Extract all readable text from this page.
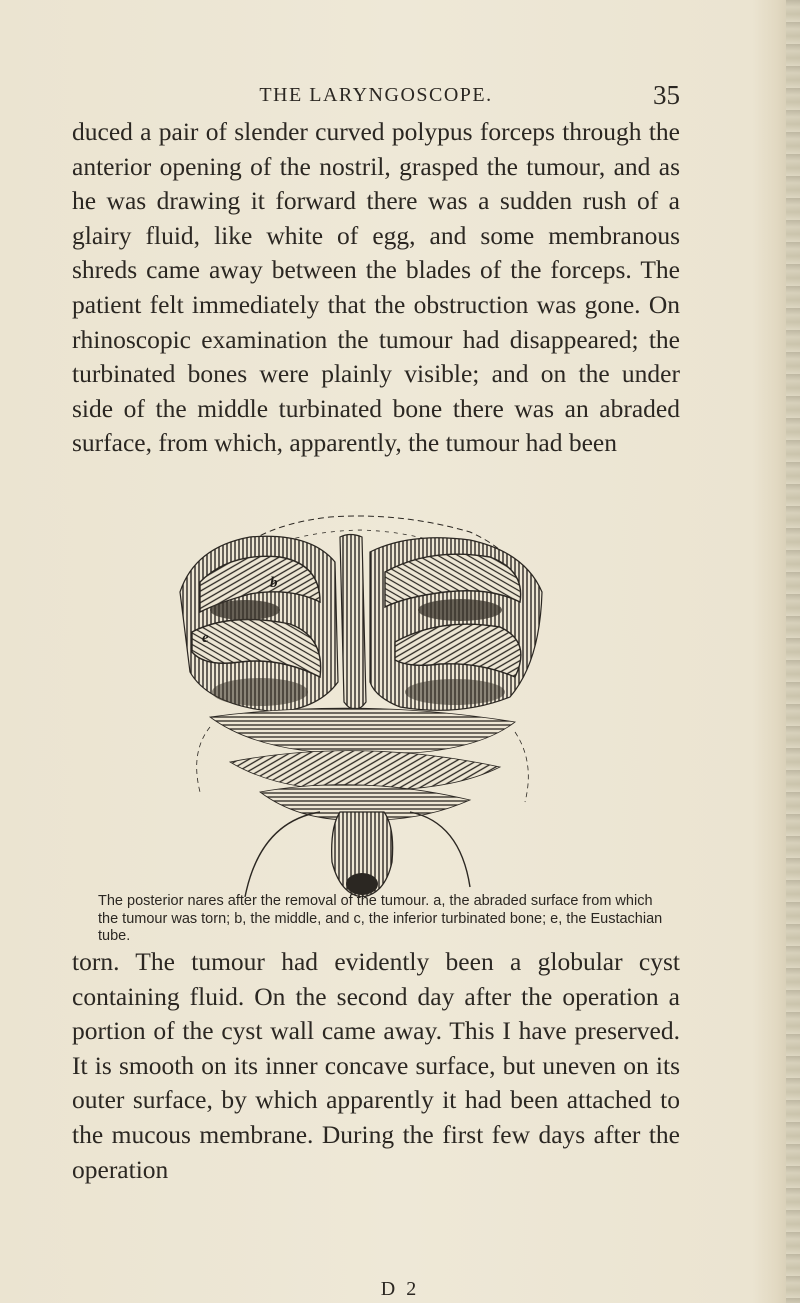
THE LARYNGOSCOPE.	35

duced a pair of slender curved polypus forceps through the anterior opening of the nostril, grasped the tumour, and as he was drawing it forward there was a sudden rush of a glairy fluid, like white of egg, and some membranous shreds came away between the blades of the forceps. The patient felt immediately that the obstruction was gone. On rhinoscopic examination the tumour had disappeared; the turbinated bones were plainly visible; and on the under side of the middle turbinated bone there was an abraded surface, from which, apparently, the tumour had been

b
e

The posterior nares after the removal of the tumour. a, the abraded surface from which the tumour was torn; b, the middle, and c, the inferior turbinated bone; e, the Eustachian tube.

torn. The tumour had evidently been a globular cyst containing fluid. On the second day after the operation a portion of the cyst wall came away. This I have preserved. It is smooth on its inner concave surface, but uneven on its outer surface, by which apparently it had been attached to the mucous membrane. During the first few days after the operation

D 2
